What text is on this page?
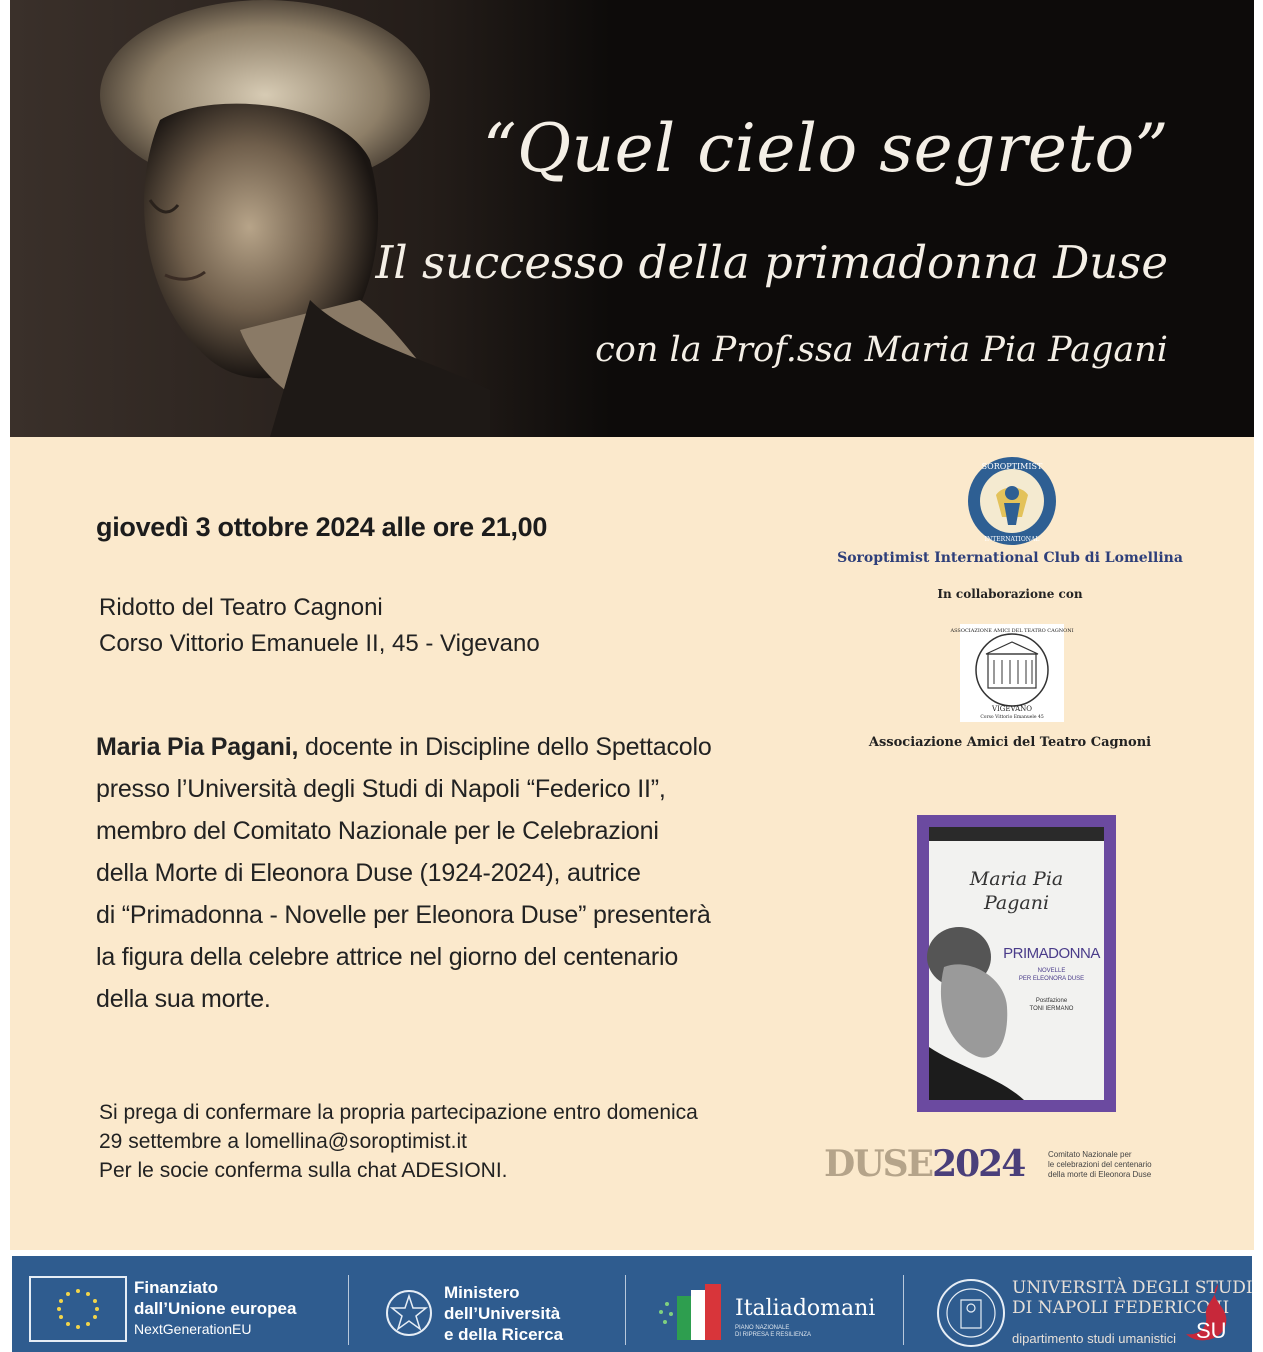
“Quel cielo segreto”
Il successo della primadonna Duse
con la Prof.ssa Maria Pia Pagani
giovedì 3 ottobre 2024 alle ore 21,00
Ridotto del Teatro Cagnoni
Corso Vittorio Emanuele II, 45 - Vigevano
Maria Pia Pagani, docente in Discipline dello Spettacolo
presso l’Università degli Studi di Napoli “Federico II”,
membro del Comitato Nazionale per le Celebrazioni
della Morte di Eleonora Duse (1924-2024), autrice
di “Primadonna - Novelle per Eleonora Duse” presenterà
la figura della celebre attrice nel giorno del centenario
della sua morte.
Si prega di confermare la propria partecipazione entro domenica
29 settembre a lomellina@soroptimist.it
Per le socie conferma sulla chat ADESIONI.
SOROPTIMIST
INTERNATIONAL
Soroptimist International Club di Lomellina
In collaborazione con
VIGEVANO
Corso Vittorio Emanuele 45
ASSOCIAZIONE AMICI DEL TEATRO CAGNONI
Associazione Amici del Teatro Cagnoni
Maria Pia
Pagani
PRIMADONNA
NOVELLE
PER ELEONORA DUSE
Postfazione
TONI IERMANO
DUSE2024	Comitato Nazionale per
le celebrazioni del centenario
della morte di Eleonora Duse
Finanziato
dall’Unione europea
NextGenerationEU
Ministero
dell’Università
e della Ricerca
Italiadomani
PIANO NAZIONALE
DI RIPRESA E RESILIENZA
UNIVERSITÀ DEGLI STUDI
DI NAPOLI FEDERICO II
dipartimento studi umanistici SU
